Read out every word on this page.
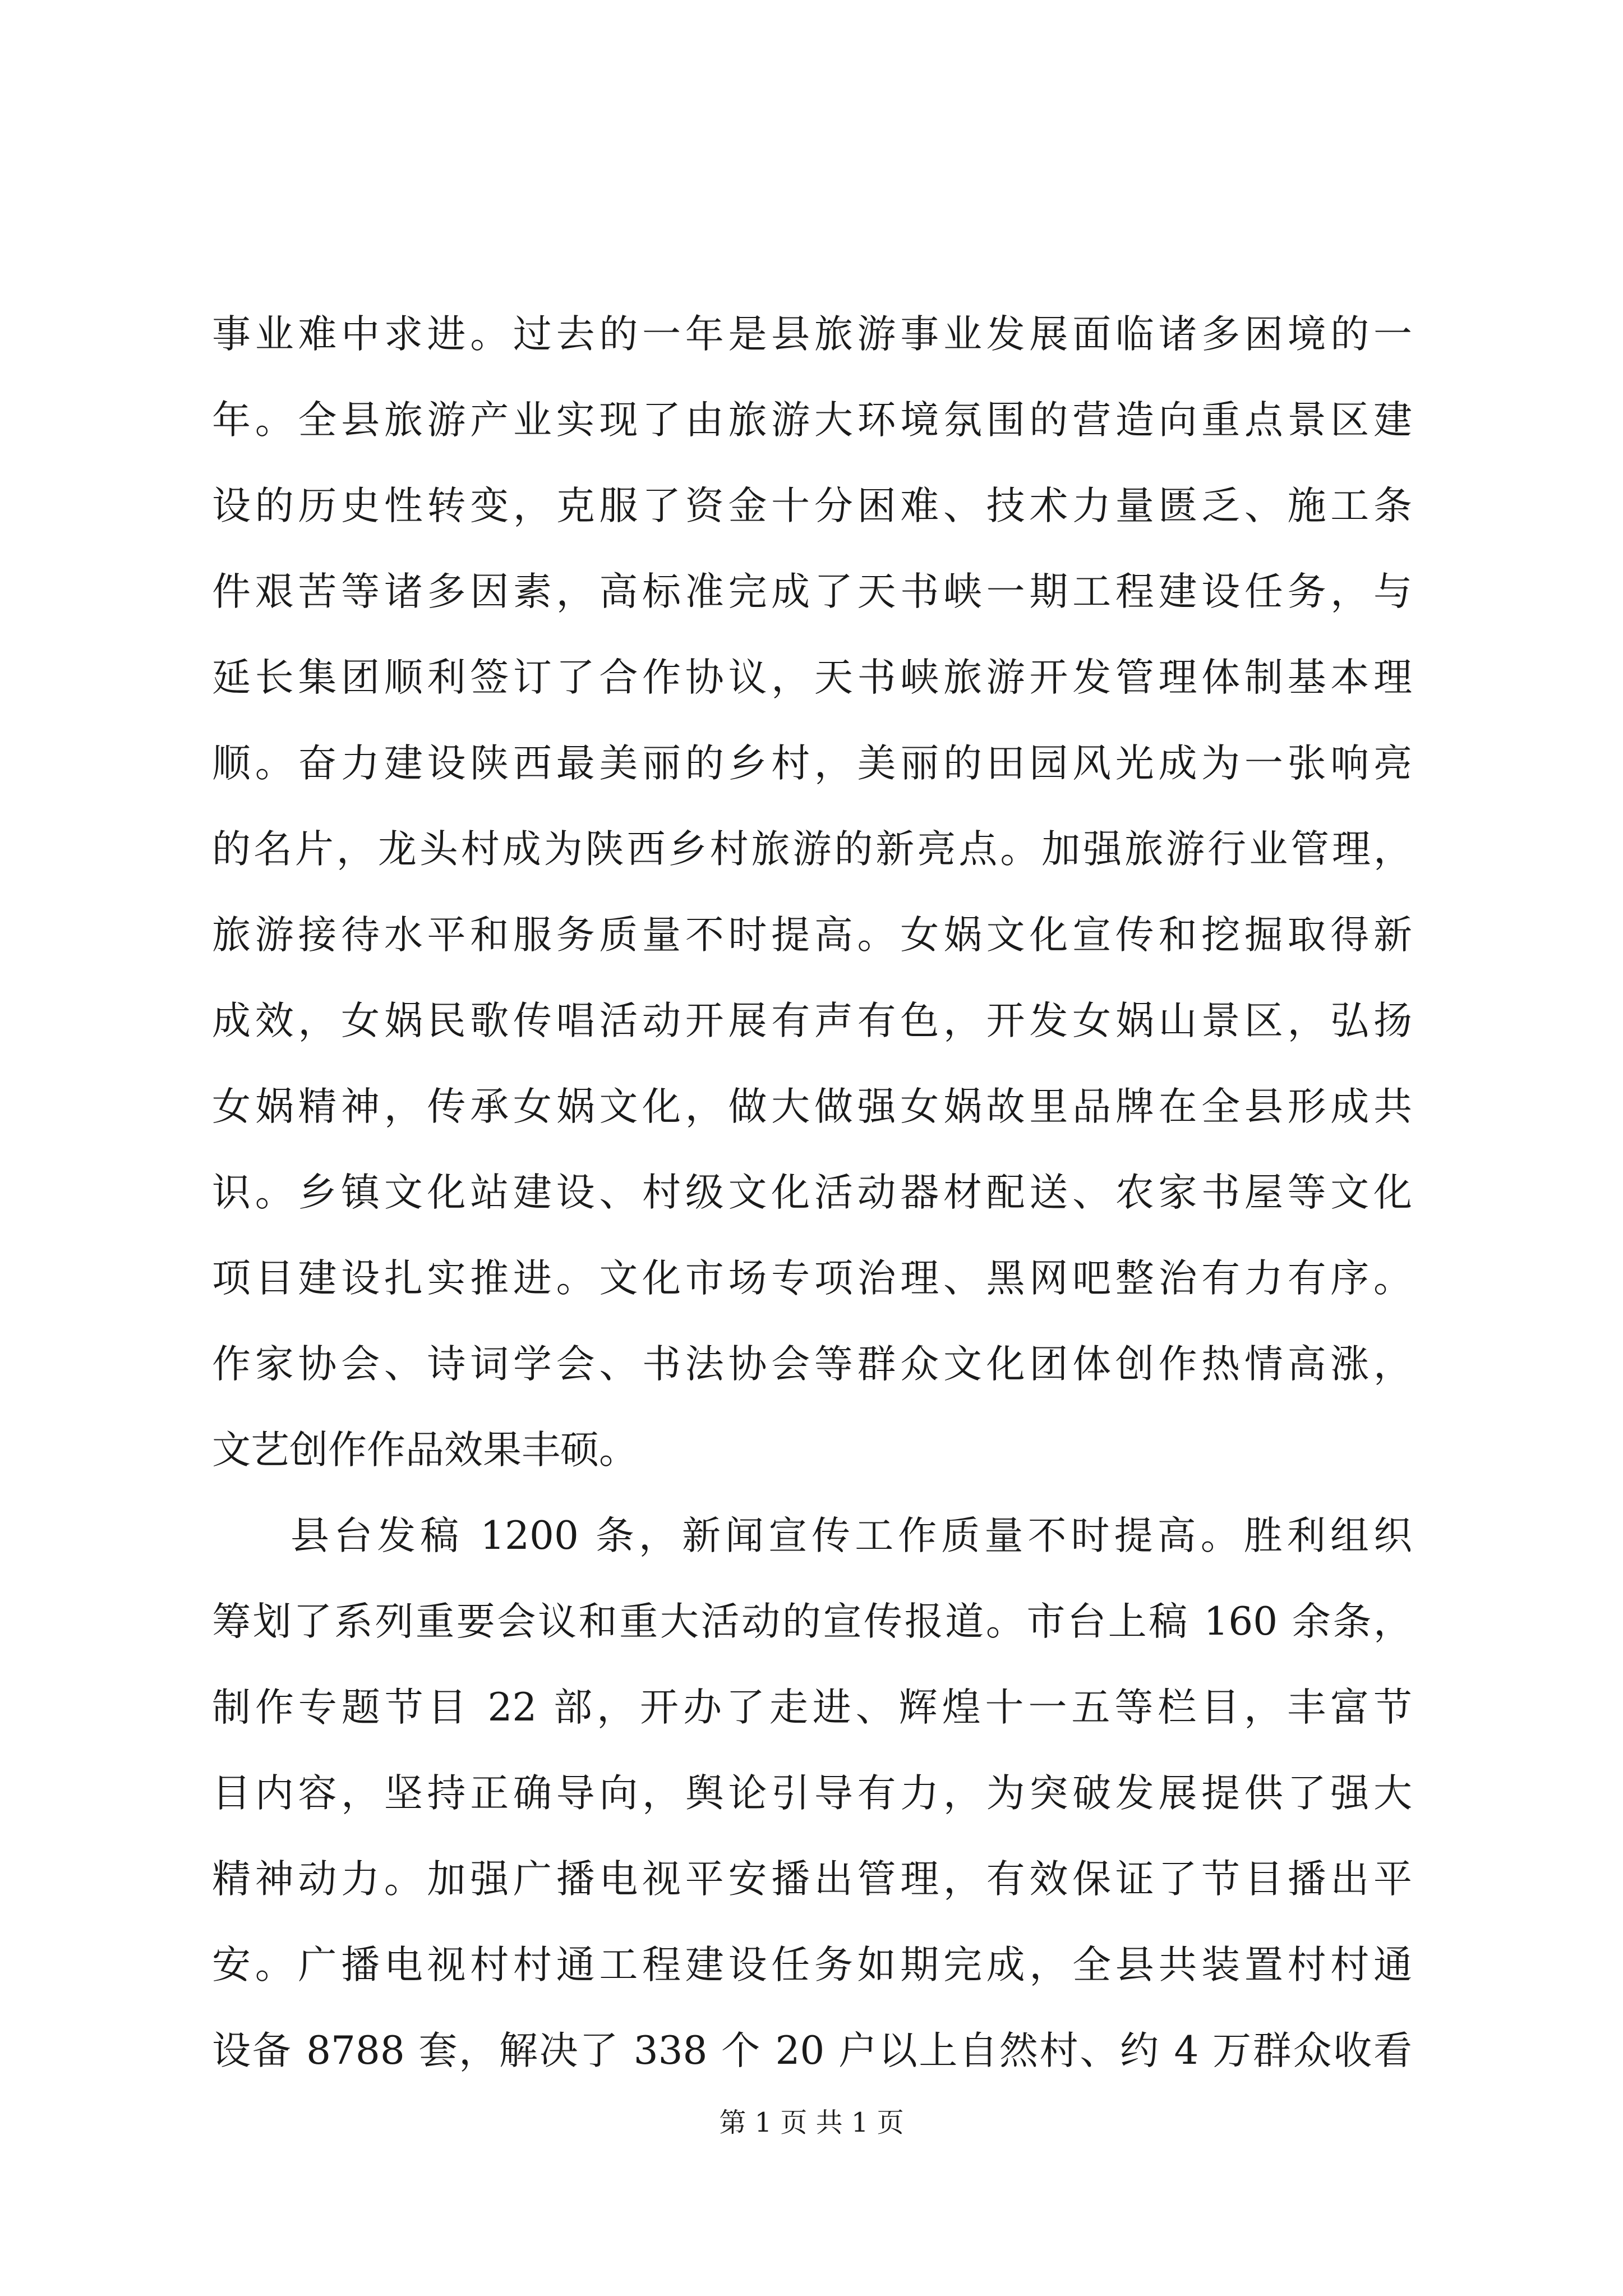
事业难中求进。过去的一年是县旅游事业发展面临诸多困境的一
年。全县旅游产业实现了由旅游大环境氛围的营造向重点景区建
设的历史性转变，克服了资金十分困难、技术力量匮乏、施工条
件艰苦等诸多因素，高标准完成了天书峡一期工程建设任务，与
延长集团顺利签订了合作协议，天书峡旅游开发管理体制基本理
顺。奋力建设陕西最美丽的乡村，美丽的田园风光成为一张响亮
的名片，龙头村成为陕西乡村旅游的新亮点。加强旅游行业管理，
旅游接待水平和服务质量不时提高。女娲文化宣传和挖掘取得新
成效，女娲民歌传唱活动开展有声有色，开发女娲山景区，弘扬
女娲精神，传承女娲文化，做大做强女娲故里品牌在全县形成共
识。乡镇文化站建设、村级文化活动器材配送、农家书屋等文化
项目建设扎实推进。文化市场专项治理、黑网吧整治有力有序。
作家协会、诗词学会、书法协会等群众文化团体创作热情高涨，
文艺创作作品效果丰硕。
县台发稿 1200 条，新闻宣传工作质量不时提高。胜利组织
筹划了系列重要会议和重大活动的宣传报道。市台上稿 160 余条，
制作专题节目 22 部，开办了走进、辉煌十一五等栏目，丰富节
目内容，坚持正确导向，舆论引导有力，为突破发展提供了强大
精神动力。加强广播电视平安播出管理，有效保证了节目播出平
安。广播电视村村通工程建设任务如期完成，全县共装置村村通
设备 8788 套，解决了 338 个 20 户以上自然村、约 4 万群众收看
第 1 页 共 1 页
